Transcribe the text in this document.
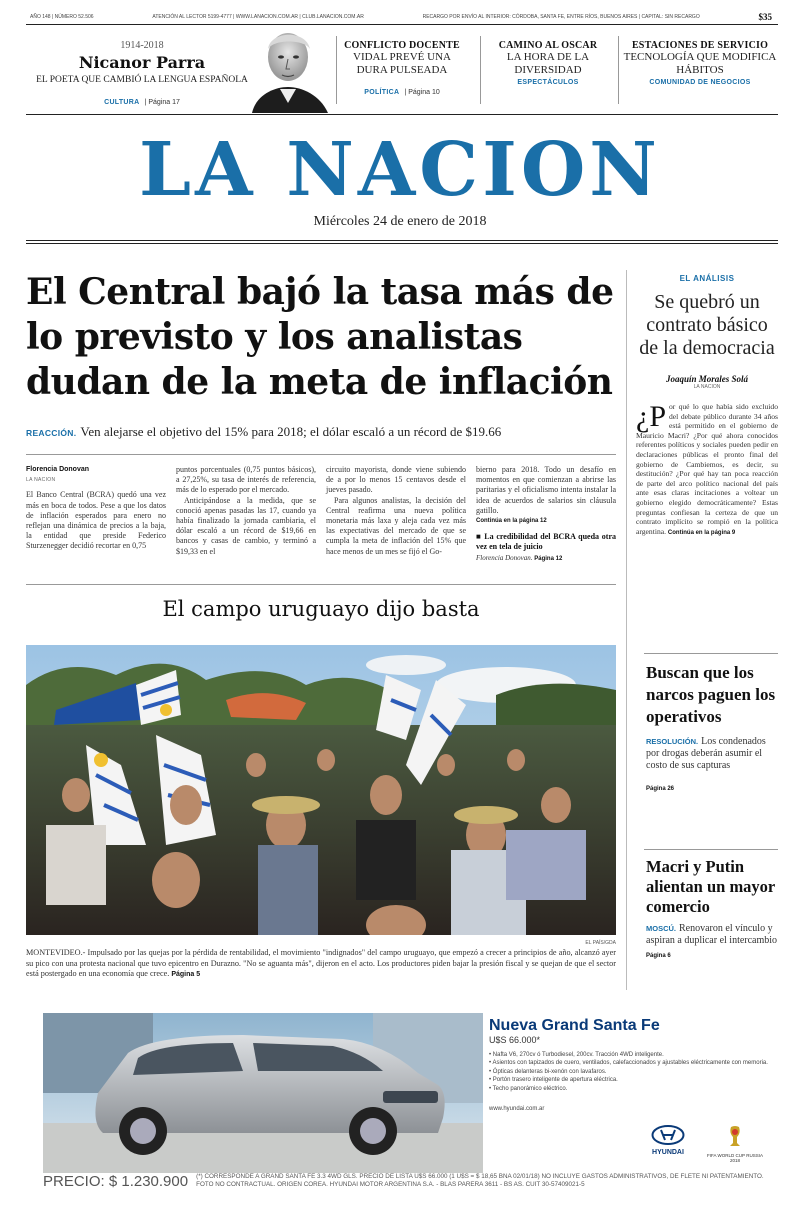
AÑO 148 | NÚMERO 52.506	ATENCIÓN AL LECTOR 5199-4777 | WWW.LANACION.COM.AR | CLUB.LANACION.COM.AR	RECARGO POR ENVÍO AL INTERIOR: CÓRDOBA, SANTA FE, ENTRE RÍOS, BUENOS AIRES | CAPITAL: SIN RECARGO	$35
1914-2018
Nicanor Parra
EL POETA QUE CAMBIÓ LA LENGUA ESPAÑOLA
CULTURA | Página 17
CONFLICTO DOCENTE
VIDAL PREVÉ UNA DURA PULSEADA
POLÍTICA | Página 10
CAMINO AL OSCAR
LA HORA DE LA DIVERSIDAD
ESPECTÁCULOS
ESTACIONES DE SERVICIO
TECNOLOGÍA QUE MODIFICA HÁBITOS
COMUNIDAD DE NEGOCIOS
LA NACION
Miércoles 24 de enero de 2018
El Central bajó la tasa más de lo previsto y los analistas dudan de la meta de inflación
REACCIÓN. Ven alejarse el objetivo del 15% para 2018; el dólar escaló a un récord de $19.66
Florencia Donovan
LA NACION
El Banco Central (BCRA) quedó una vez más en boca de todos. Pese a que los datos de inflación esperados para enero no reflejan una dinámica de precios a la baja, la entidad que preside Federico Sturzenegger decidió recortar en 0,75
puntos porcentuales (0,75 puntos básicos), a 27,25%, su tasa de interés de referencia, más de lo esperado por el mercado.
Anticipándose a la medida, que se conoció apenas pasadas las 17, cuando ya había finalizado la jornada cambiaria, el dólar escaló a un récord de $19,66 en bancos y casas de cambio, y terminó a $19,33 en el
circuito mayorista, donde viene subiendo de a por lo menos 15 centavos desde el jueves pasado.
Para algunos analistas, la decisión del Central reafirma una nueva política monetaria más laxa y aleja cada vez más las expectativas del mercado de que se cumpla la meta de inflación del 15% que hace menos de un mes se fijó el Go-
bierno para 2018. Todo un desafío en momentos en que comienzan a abrirse las paritarias y el oficialismo intenta instalar la idea de acuerdos de salarios sin cláusula gatillo.
Continúa en la página 12
■ La credibilidad del BCRA queda otra vez en tela de juicio
Florencia Donovan. Página 12
El campo uruguayo dijo basta
EL PAÍS/GDA
MONTEVIDEO.- Impulsado por las quejas por la pérdida de rentabilidad, el movimiento "indignados" del campo uruguayo, que empezó a crecer a principios de año, alcanzó ayer su pico con una protesta nacional que tuvo epicentro en Durazno. "No se aguanta más", dijeron en el acto. Los productores piden bajar la presión fiscal y se quejan de que el sector está postergado en una economía que crece. Página 5
EL ANÁLISIS
Se quebró un contrato básico de la democracia
Joaquín Morales Solá
LA NACION
¿P or qué lo que había sido excluido del debate público durante 34 años está permitido en el gobierno de Mauricio Macri? ¿Por qué ahora conocidos referentes políticos y sociales pueden pedir en declaraciones públicas el pronto final del gobierno de Cambiemos, es decir, su destitución? ¿Por qué hay tan poca reacción de parte del arco político nacional del país ante esas claras incitaciones a voltear un gobierno elegido democráticamente? Estas preguntas confiesan la certeza de que un contrato implícito se rompió en la política argentina. Continúa en la página 9
Buscan que los narcos paguen los operativos
RESOLUCIÓN. Los condenados por drogas deberán asumir el costo de sus capturas
Página 26
Macri y Putin alientan un mayor comercio
MOSCÚ. Renovaron el vínculo y aspiran a duplicar el intercambio
Página 6
Nueva Grand Santa Fe
U$S 66.000*
• Nafta V6, 270cv ó Turbodiesel, 200cv. Tracción 4WD inteligente.
• Asientos con tapizados de cuero, ventilados, calefaccionados y ajustables eléctricamente con memoria.
• Ópticas delanteras bi-xenón con lavafaros.
• Portón trasero inteligente de apertura eléctrica.
• Techo panorámico eléctrico.
www.hyundai.com.ar
HYUNDAI	FIFA WORLD CUP RUSSIA 2018
PRECIO: $ 1.230.900 (*) CORRESPONDE A GRAND SANTA FE 3.3 4WD GLS. PRECIO DE LISTA U$S 66.000 (1 U$S = $ 18,65 BNA 02/01/18) NO INCLUYE GASTOS ADMINISTRATIVOS, DE FLETE NI PATENTAMIENTO. FOTO NO CONTRACTUAL. ORIGEN COREA. HYUNDAI MOTOR ARGENTINA S.A. - BLAS PARERA 3611 - BS AS. CUIT 30-57409021-5
